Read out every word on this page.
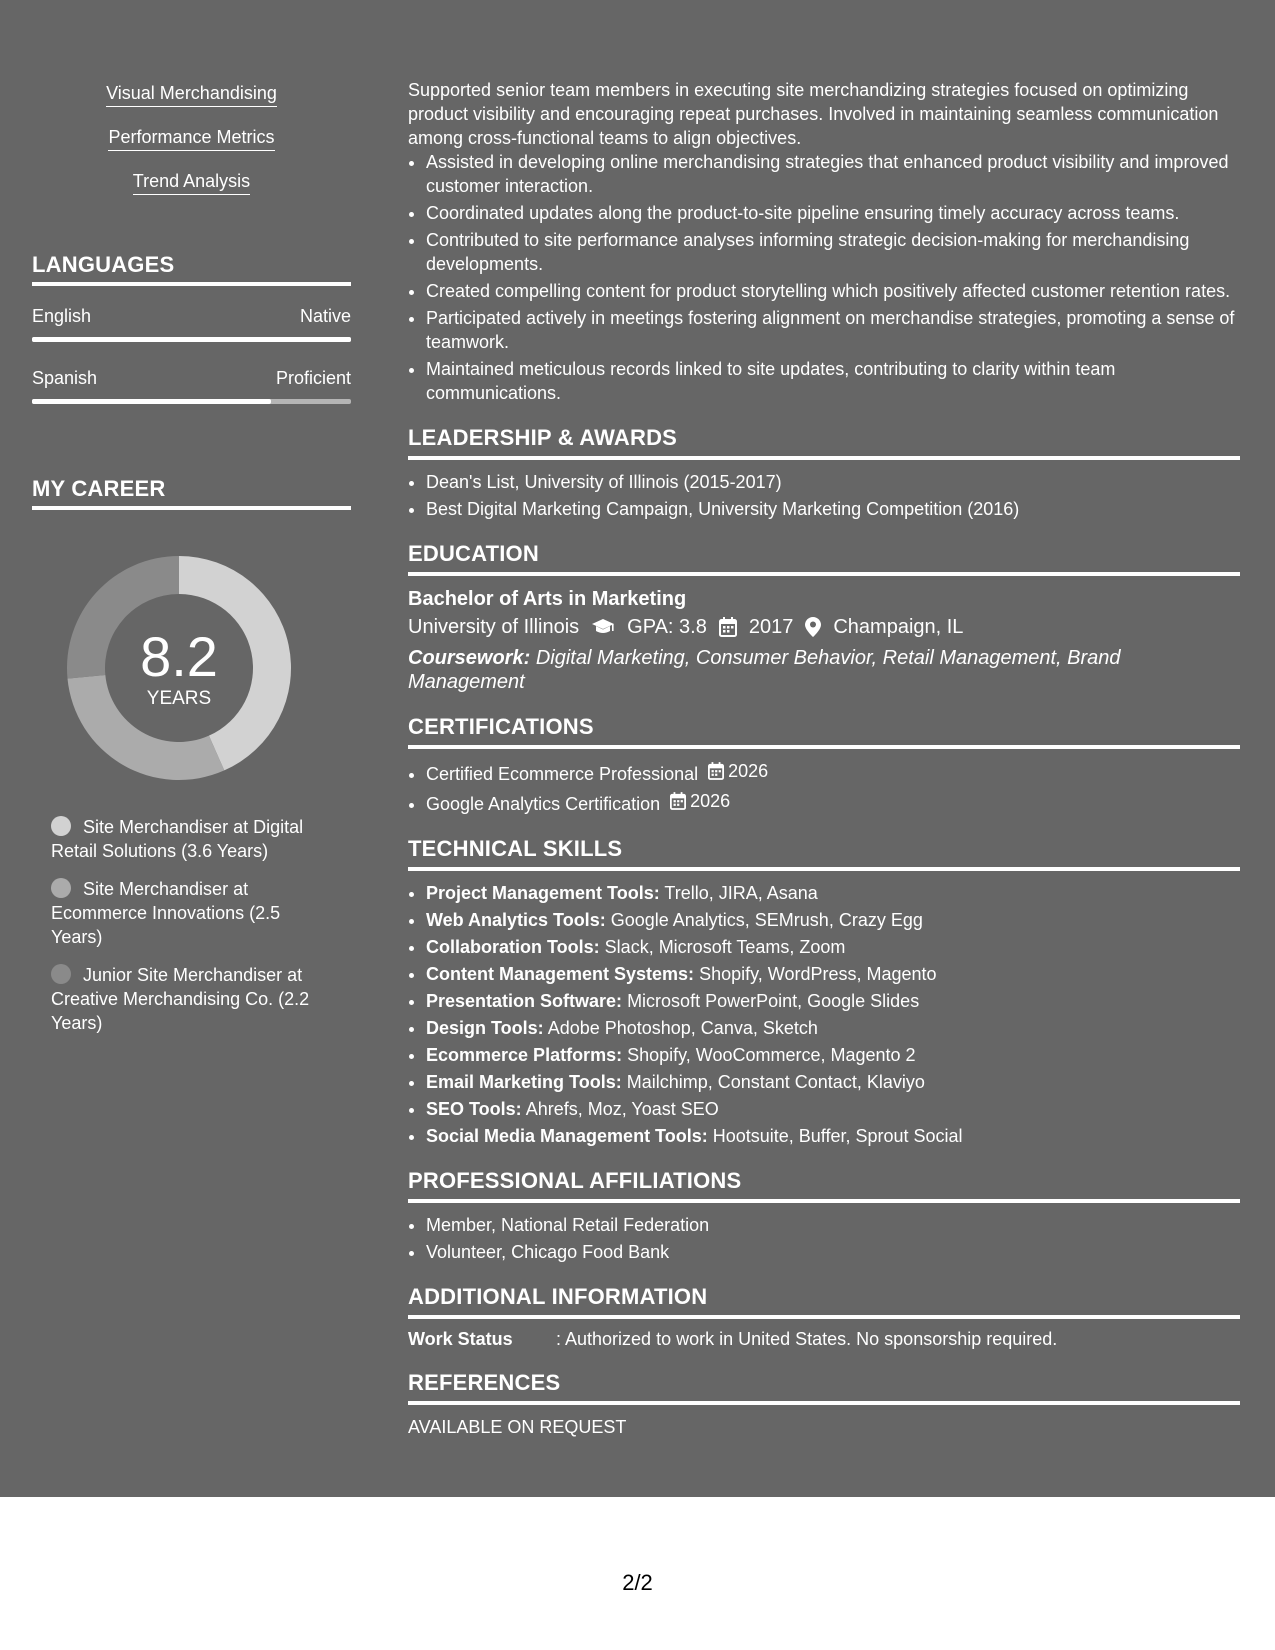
Visual Merchandising
Performance Metrics
Trend Analysis
LANGUAGES
English	Native
Spanish	Proficient
MY CAREER
8.2
YEARS
Site Merchandiser at Digital Retail Solutions (3.6 Years)
Site Merchandiser at Ecommerce Innovations (2.5 Years)
Junior Site Merchandiser at Creative Merchandising Co. (2.2 Years)

Supported senior team members in executing site merchandizing strategies focused on optimizing product visibility and encouraging repeat purchases. Involved in maintaining seamless communication among cross-functional teams to align objectives.

• Assisted in developing online merchandising strategies that enhanced product visibility and improved customer interaction.
• Coordinated updates along the product-to-site pipeline ensuring timely accuracy across teams.
• Contributed to site performance analyses informing strategic decision-making for merchandising developments.
• Created compelling content for product storytelling which positively affected customer retention rates.
• Participated actively in meetings fostering alignment on merchandise strategies, promoting a sense of teamwork.
• Maintained meticulous records linked to site updates, contributing to clarity within team communications.
LEADERSHIP & AWARDS
• Dean's List, University of Illinois (2015-2017)
• Best Digital Marketing Campaign, University Marketing Competition (2016)
EDUCATION
Bachelor of Arts in Marketing
University of Illinois GPA: 3.8 2017 Champaign, IL
Coursework: Digital Marketing, Consumer Behavior, Retail Management, Brand Management
CERTIFICATIONS
• Certified Ecommerce Professional 2026
• Google Analytics Certification 2026
TECHNICAL SKILLS
• Project Management Tools: Trello, JIRA, Asana
• Web Analytics Tools: Google Analytics, SEMrush, Crazy Egg
• Collaboration Tools: Slack, Microsoft Teams, Zoom
• Content Management Systems: Shopify, WordPress, Magento
• Presentation Software: Microsoft PowerPoint, Google Slides
• Design Tools: Adobe Photoshop, Canva, Sketch
• Ecommerce Platforms: Shopify, WooCommerce, Magento 2
• Email Marketing Tools: Mailchimp, Constant Contact, Klaviyo
• SEO Tools: Ahrefs, Moz, Yoast SEO
• Social Media Management Tools: Hootsuite, Buffer, Sprout Social
PROFESSIONAL AFFILIATIONS
• Member, National Retail Federation
• Volunteer, Chicago Food Bank
ADDITIONAL INFORMATION
Work Status	: Authorized to work in United States. No sponsorship required.
REFERENCES
AVAILABLE ON REQUEST
2/2
